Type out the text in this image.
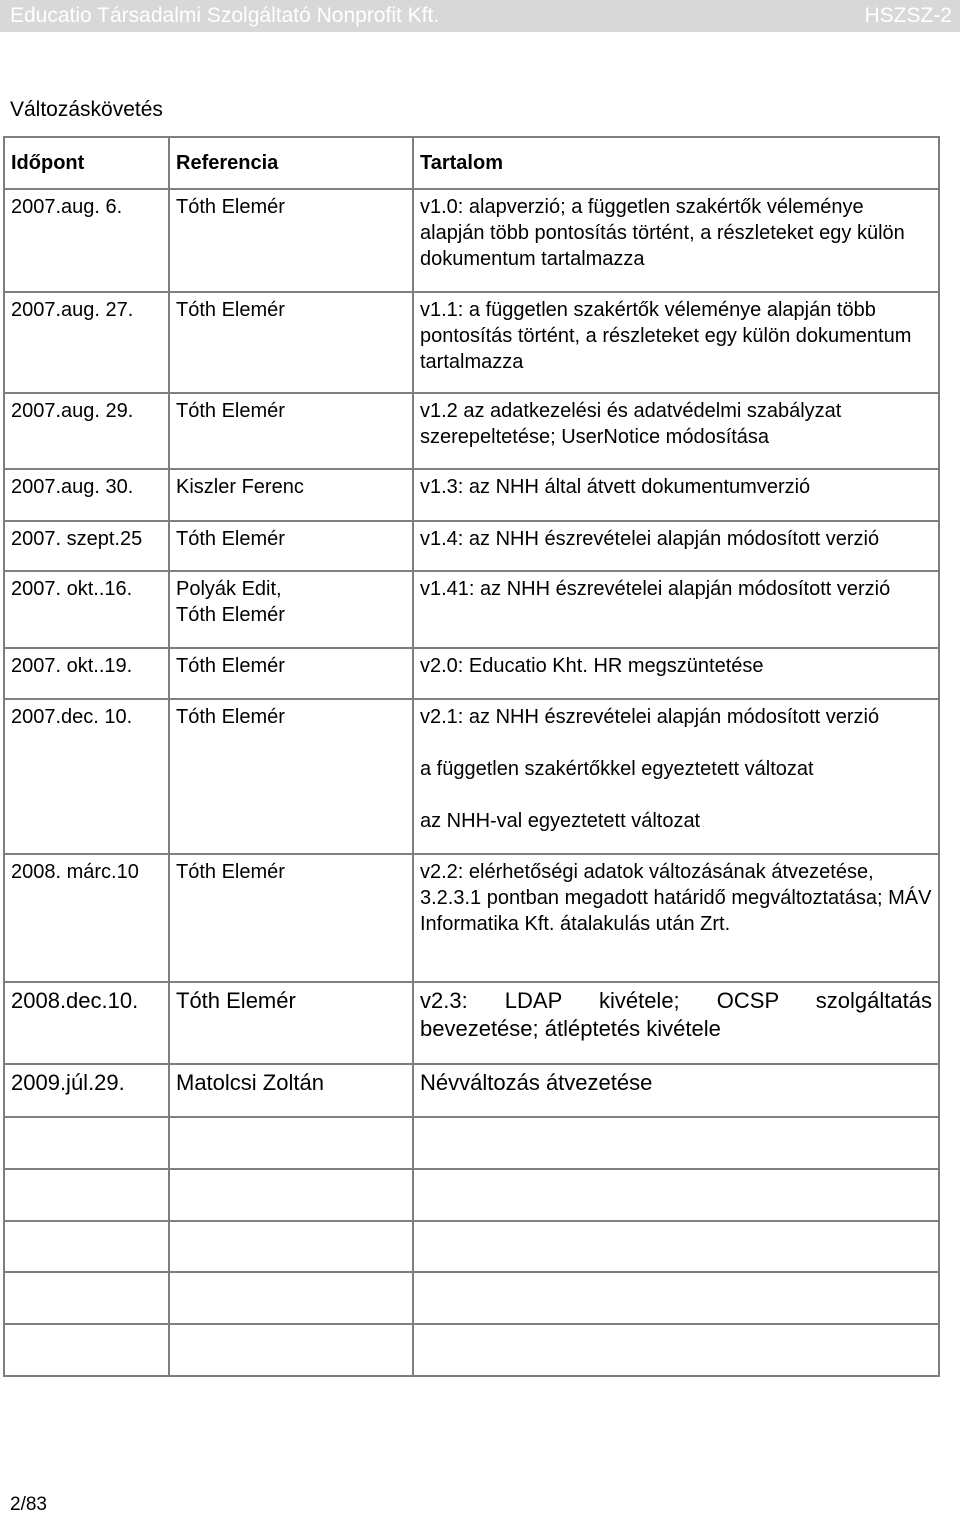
Educatio Társadalmi Szolgáltató Nonprofit Kft.	HSZSZ-2
Változáskövetés
Időpont	Referencia	Tartalom
2007.aug. 6.	Tóth Elemér	v1.0: alapverzió; a független szakértők véleménye alapján több pontosítás történt, a részleteket egy külön dokumentum tartalmazza
2007.aug. 27.	Tóth Elemér	v1.1: a független szakértők véleménye alapján több pontosítás történt, a részleteket egy külön dokumentum tartalmazza
2007.aug. 29.	Tóth Elemér	v1.2 az adatkezelési és adatvédelmi szabályzat szerepeltetése; UserNotice módosítása
2007.aug. 30.	Kiszler Ferenc	v1.3: az NHH által átvett dokumentumverzió
2007. szept.25	Tóth Elemér	v1.4: az NHH észrevételei alapján módosított verzió
2007. okt..16.	Polyák Edit, Tóth Elemér	v1.41: az NHH észrevételei alapján módosított verzió
2007. okt..19.	Tóth Elemér	v2.0: Educatio Kht. HR megszüntetése
2007.dec. 10.	Tóth Elemér	v2.1: az NHH észrevételei alapján módosított verzió
a független szakértőkkel egyeztetett változat
az NHH-val egyeztetett változat

2008. márc.10	Tóth Elemér	v2.2: elérhetőségi adatok változásának átvezetése, 3.2.3.1 pontban megadott határidő megváltoztatása; MÁV Informatika Kft. átalakulás után Zrt.
2008.dec.10.	Tóth Elemér	v2.3: LDAP kivétele; OCSP szolgáltatás bevezetése; átléptetés kivétele
2009.júl.29.	Matolcsi Zoltán	Névváltozás átvezetése

2/83
